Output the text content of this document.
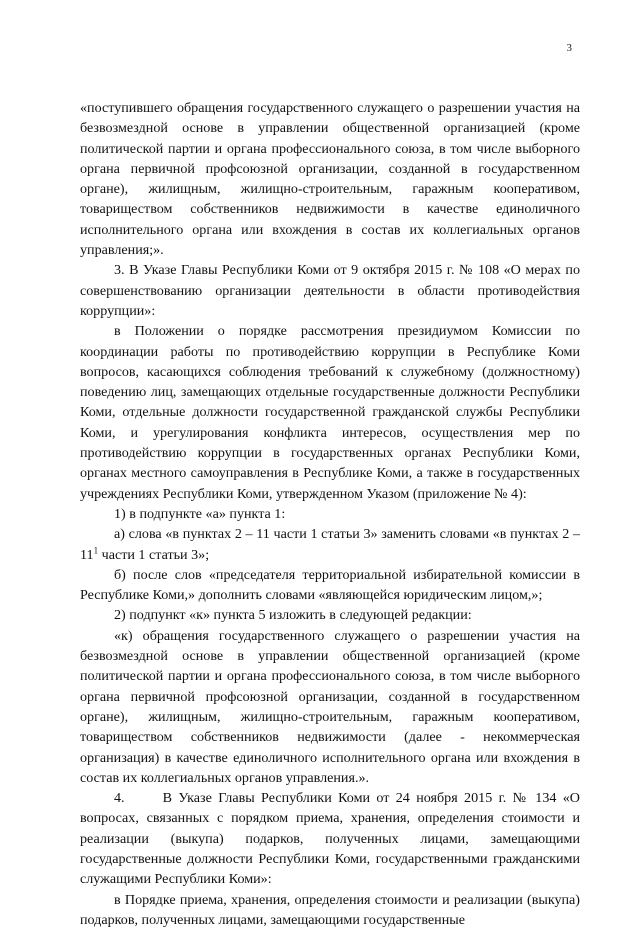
3

«поступившего обращения государственного служащего о разрешении участия на безвозмездной основе в управлении общественной организацией (кроме политической партии и органа профессионального союза, в том числе выборного органа первичной профсоюзной организации, созданной в государственном органе), жилищным, жилищно-строительным, гаражным кооперативом, товариществом собственников недвижимости в качестве единоличного исполнительного органа или вхождения в состав их коллегиальных органов управления;».

3. В Указе Главы Республики Коми от 9 октября 2015 г. № 108 «О мерах по совершенствованию организации деятельности в области противодействия коррупции»:

в Положении о порядке рассмотрения президиумом Комиссии по координации работы по противодействию коррупции в Республике Коми вопросов, касающихся соблюдения требований к служебному (должностному) поведению лиц, замещающих отдельные государственные должности Республики Коми, отдельные должности государственной гражданской службы Республики Коми, и урегулирования конфликта интересов, осуществления мер по противодействию коррупции в государственных органах Республики Коми, органах местного самоуправления в Республике Коми, а также в государственных учреждениях Республики Коми, утвержденном Указом (приложение № 4):

1) в подпункте «а» пункта 1:

а) слова «в пунктах 2 – 11 части 1 статьи 3» заменить словами «в пунктах $2 - 11^1$ части 1 статьи 3»;

б) после слов «председателя территориальной избирательной комиссии в Республике Коми,» дополнить словами «являющейся юридическим лицом,»;

2) подпункт «к» пункта 5 изложить в следующей редакции:

«к) обращения государственного служащего о разрешении участия на безвозмездной основе в управлении общественной организацией (кроме политической партии и органа профессионального союза, в том числе выборного органа первичной профсоюзной организации, созданной в государственном органе), жилищным, жилищно-строительным, гаражным кооперативом, товариществом собственников недвижимости (далее - некоммерческая организация) в качестве единоличного исполнительного органа или вхождения в состав их коллегиальных органов управления.».

4.      В Указе Главы Республики Коми от 24 ноября 2015 г. № 134 «О вопросах, связанных с порядком приема, хранения, определения стоимости и реализации (выкупа) подарков, полученных лицами, замещающими государственные должности Республики Коми, государственными гражданскими служащими Республики Коми»:

в Порядке приема, хранения, определения стоимости и реализации (выкупа) подарков, полученных лицами, замещающими государственные
